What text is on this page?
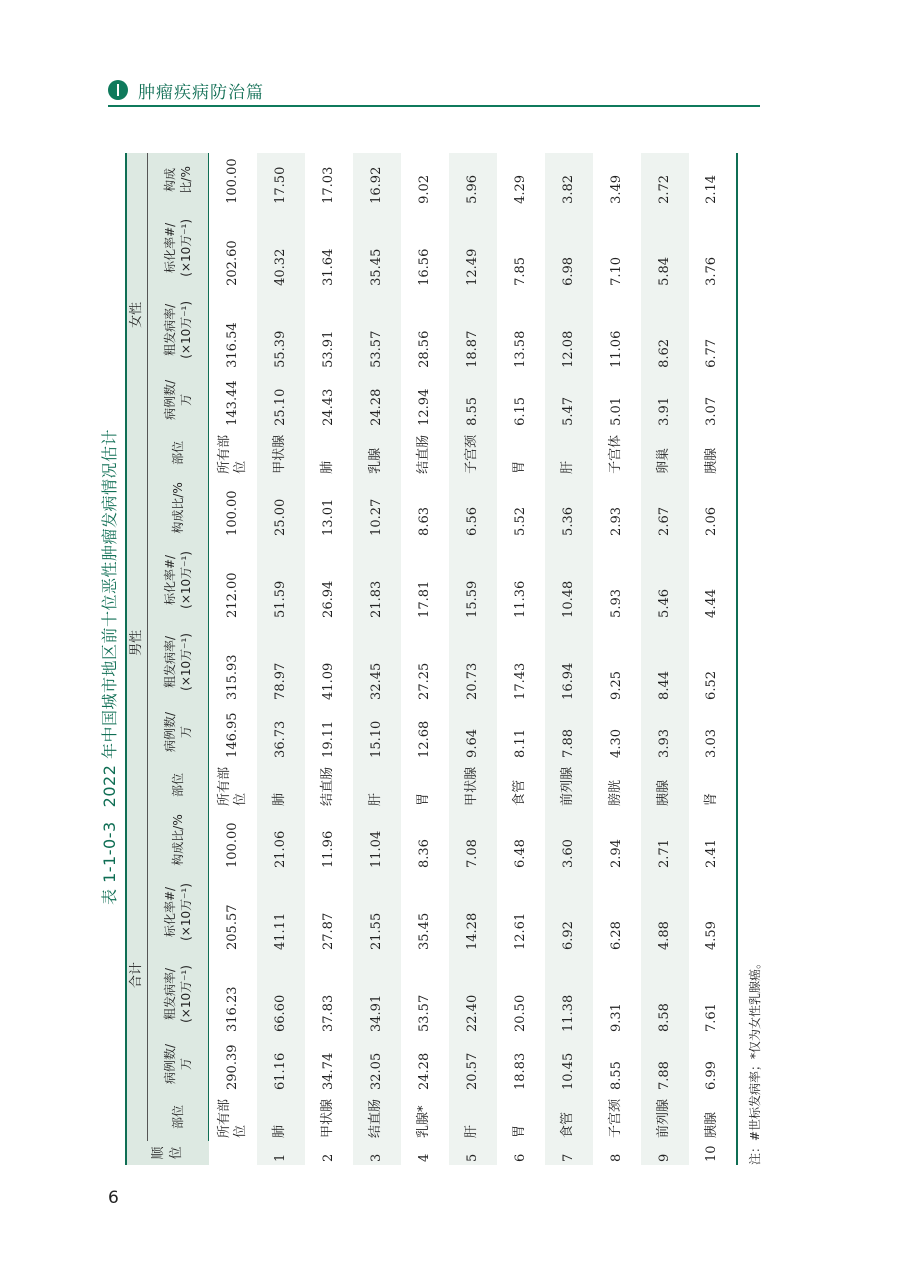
肿瘤疾病防治篇
表 1-1-0-32022 年中国城市地区前十位恶性肿瘤发病情况估计
顺位	合计					男性					女性				
	部位	病例数/万	粗发病率/ (×10万⁻¹)	标化率#/ (×10万⁻¹)	构成比/%	部位	病例数/万	粗发病率/ (×10万⁻¹)	标化率#/ (×10万⁻¹)	构成比/%	部位	病例数/万	粗发病率/ (×10万⁻¹)	标化率#/ (×10万⁻¹)	构成比/%
	所有部位	290.39	316.23	205.57	100.00	所有部位	146.95	315.93	212.00	100.00	所有部位	143.44	316.54	202.60	100.00
1	肺	61.16	66.60	41.11	21.06	肺	36.73	78.97	51.59	25.00	甲状腺	25.10	55.39	40.32	17.50
2	甲状腺	34.74	37.83	27.87	11.96	结直肠	19.11	41.09	26.94	13.01	肺	24.43	53.91	31.64	17.03
3	结直肠	32.05	34.91	21.55	11.04	肝	15.10	32.45	21.83	10.27	乳腺	24.28	53.57	35.45	16.92
4	乳腺*	24.28	53.57	35.45	8.36	胃	12.68	27.25	17.81	8.63	结直肠	12.94	28.56	16.56	9.02
5	肝	20.57	22.40	14.28	7.08	甲状腺	9.64	20.73	15.59	6.56	子宫颈	8.55	18.87	12.49	5.96
6	胃	18.83	20.50	12.61	6.48	食管	8.11	17.43	11.36	5.52	胃	6.15	13.58	7.85	4.29
7	食管	10.45	11.38	6.92	3.60	前列腺	7.88	16.94	10.48	5.36	肝	5.47	12.08	6.98	3.82
8	子宫颈	8.55	9.31	6.28	2.94	膀胱	4.30	9.25	5.93	2.93	子宫体	5.01	11.06	7.10	3.49
9	前列腺	7.88	8.58	4.88	2.71	胰腺	3.93	8.44	5.46	2.67	卵巢	3.91	8.62	5.84	2.72
10	胰腺	6.99	7.61	4.59	2.41	肾	3.03	6.52	4.44	2.06	胰腺	3.07	6.77	3.76	2.14
注：#世标发病率；*仅为女性乳腺癌。
6
